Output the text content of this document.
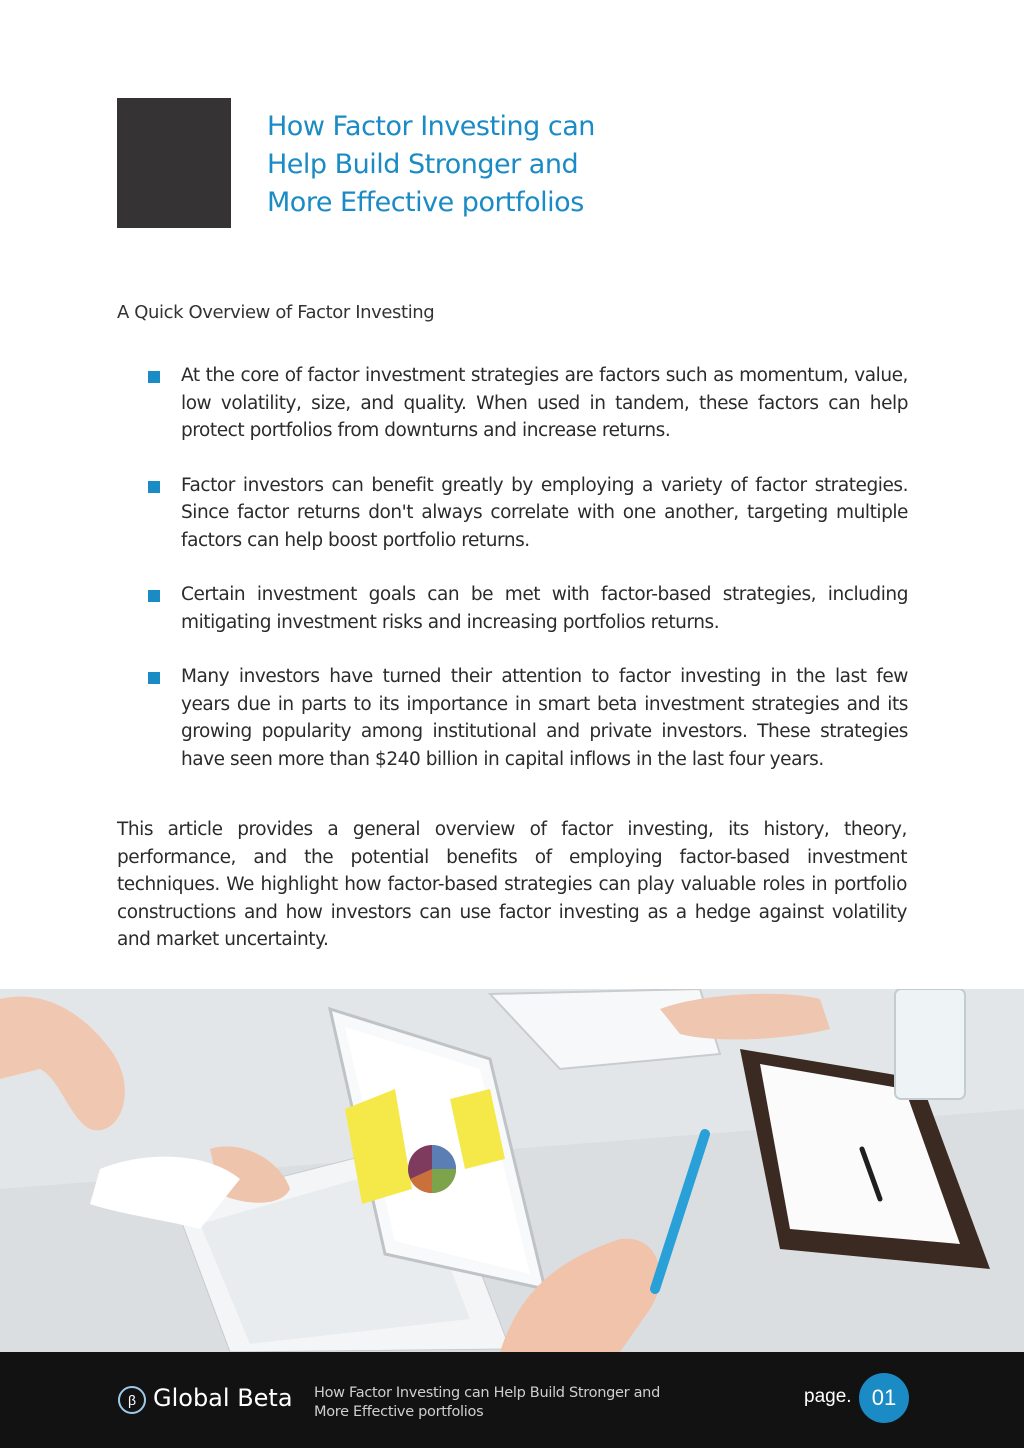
How Factor Investing can
Help Build Stronger and
More Effective portfolios
A Quick Overview of Factor Investing
At the core of factor investment strategies are factors such as momentum, value, low volatility, size, and quality. When used in tandem, these factors can help protect portfolios from downturns and increase returns.
Factor investors can benefit greatly by employing a variety of factor strategies. Since factor returns don't always correlate with one another, targeting multiple factors can help boost portfolio returns.
Certain investment goals can be met with factor-based strategies, including mitigating investment risks and increasing portfolios returns.
Many investors have turned their attention to factor investing in the last few years due in parts to its importance in smart beta investment strategies and its growing popularity among institutional and private investors. These strategies have seen more than $240 billion in capital inflows in the last four years.
This article provides a general overview of factor investing, its history, theory, performance, and the potential benefits of employing factor-based investment techniques. We highlight how factor-based strategies can play valuable roles in portfolio constructions and how investors can use factor investing as a hedge against volatility and market uncertainty.
β Global Beta How Factor Investing can Help Build Stronger and More Effective portfolios
page. 01
